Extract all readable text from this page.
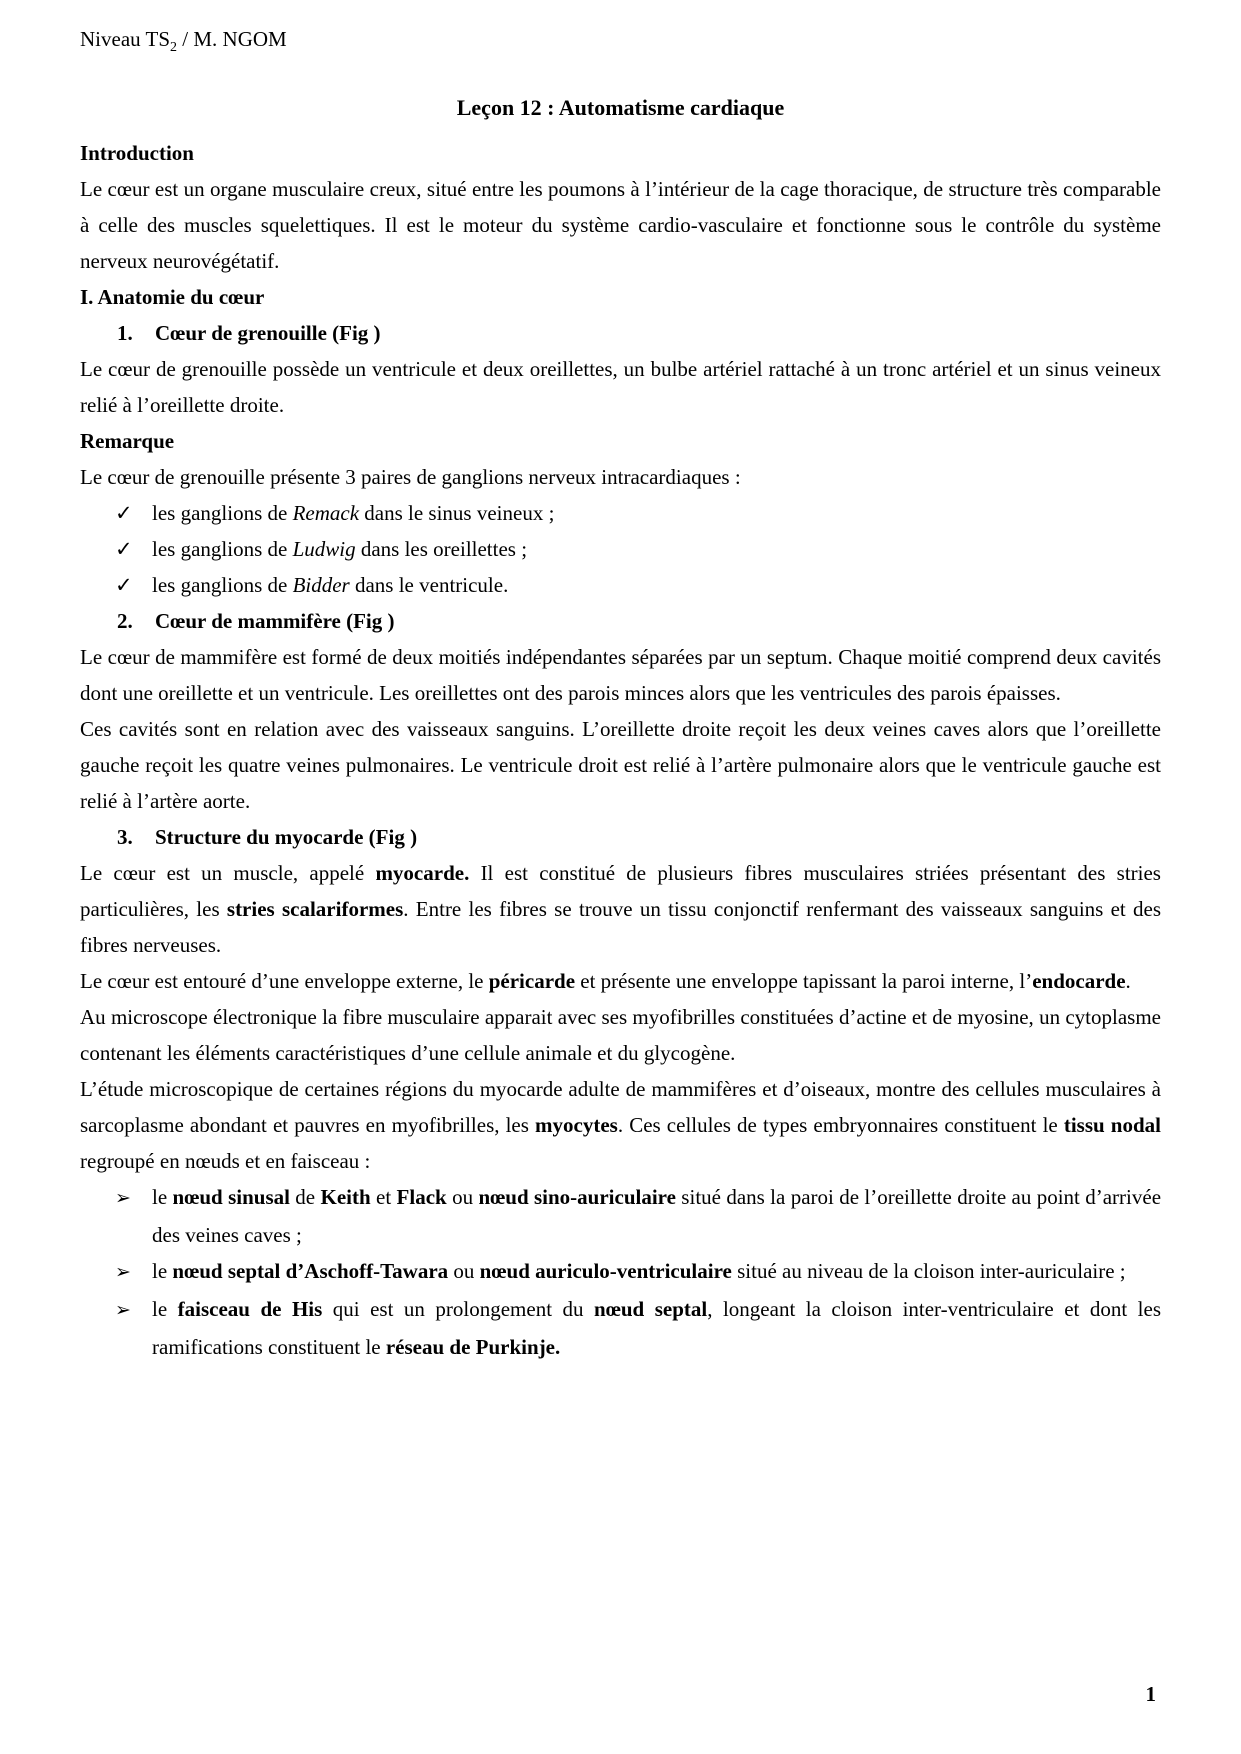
Niveau $TS_2$ / M. NGOM
Leçon 12 : Automatisme cardiaque
Introduction
Le cœur est un organe musculaire creux, situé entre les poumons à l’intérieur de la cage thoracique, de structure très comparable à celle des muscles squelettiques. Il est le moteur du système cardio-vasculaire et fonctionne sous le contrôle du système nerveux neurovégétatif.
I. Anatomie du cœur
1. Cœur de grenouille (Fig )
Le cœur de grenouille possède un ventricule et deux oreillettes, un bulbe artériel rattaché à un tronc artériel et un sinus veineux relié à l’oreillette droite.
Remarque
Le cœur de grenouille présente 3 paires de ganglions nerveux intracardiaques :
✓ les ganglions de Remack dans le sinus veineux ;
✓ les ganglions de Ludwig dans les oreillettes ;
✓ les ganglions de Bidder dans le ventricule.
2. Cœur de mammifère (Fig )
Le cœur de mammifère est formé de deux moitiés indépendantes séparées par un septum. Chaque moitié comprend deux cavités dont une oreillette et un ventricule. Les oreillettes ont des parois minces alors que les ventricules des parois épaisses.
Ces cavités sont en relation avec des vaisseaux sanguins. L’oreillette droite reçoit les deux veines caves alors que l’oreillette gauche reçoit les quatre veines pulmonaires. Le ventricule droit est relié à l’artère pulmonaire alors que le ventricule gauche est relié à l’artère aorte.
3. Structure du myocarde (Fig )
Le cœur est un muscle, appelé myocarde. Il est constitué de plusieurs fibres musculaires striées présentant des stries particulières, les stries scalariformes. Entre les fibres se trouve un tissu conjonctif renfermant des vaisseaux sanguins et des fibres nerveuses.
Le cœur est entouré d’une enveloppe externe, le péricarde et présente une enveloppe tapissant la paroi interne, l’endocarde.
Au microscope électronique la fibre musculaire apparait avec ses myofibrilles constituées d’actine et de myosine, un cytoplasme contenant les éléments caractéristiques d’une cellule animale et du glycogène.
L’étude microscopique de certaines régions du myocarde adulte de mammifères et d’oiseaux, montre des cellules musculaires à sarcoplasme abondant et pauvres en myofibrilles, les myocytes. Ces cellules de types embryonnaires constituent le tissu nodal regroupé en nœuds et en faisceau :
➢ le nœud sinusal de Keith et Flack ou nœud sino-auriculaire situé dans la paroi de l’oreillette droite au point d’arrivée des veines caves ;
➢ le nœud septal d’Aschoff-Tawara ou nœud auriculo-ventriculaire situé au niveau de la cloison inter-auriculaire ;
➢ le faisceau de His qui est un prolongement du nœud septal, longeant la cloison inter-ventriculaire et dont les ramifications constituent le réseau de Purkinje.
1
